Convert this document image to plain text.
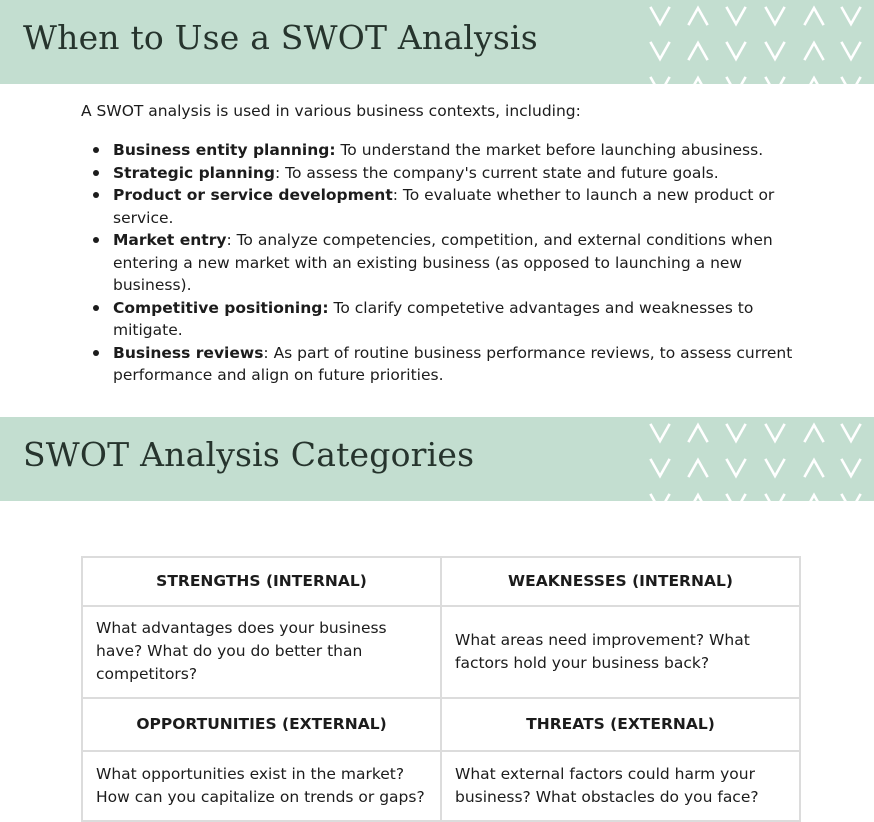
When to Use a SWOT Analysis

A SWOT analysis is used in various business contexts, including:

Business entity planning: To understand the market before launching abusiness.
Strategic planning: To assess the company's current state and future goals.
Product or service development: To evaluate whether to launch a new product or service.
Market entry: To analyze competencies, competition, and external conditions when entering a new market with an existing business (as opposed to launching a new business).
Competitive positioning: To clarify competetive advantages and weaknesses to mitigate.
Business reviews: As part of routine business performance reviews, to assess current performance and align on future priorities.
SWOT Analysis Categories
STRENGTHS (INTERNAL)	WEAKNESSES (INTERNAL)
What advantages does your business have? What do you do better than competitors?	What areas need improvement? What factors hold your business back?
OPPORTUNITIES (EXTERNAL)	THREATS (EXTERNAL)
What opportunities exist in the market? How can you capitalize on trends or gaps?	What external factors could harm your business? What obstacles do you face?
